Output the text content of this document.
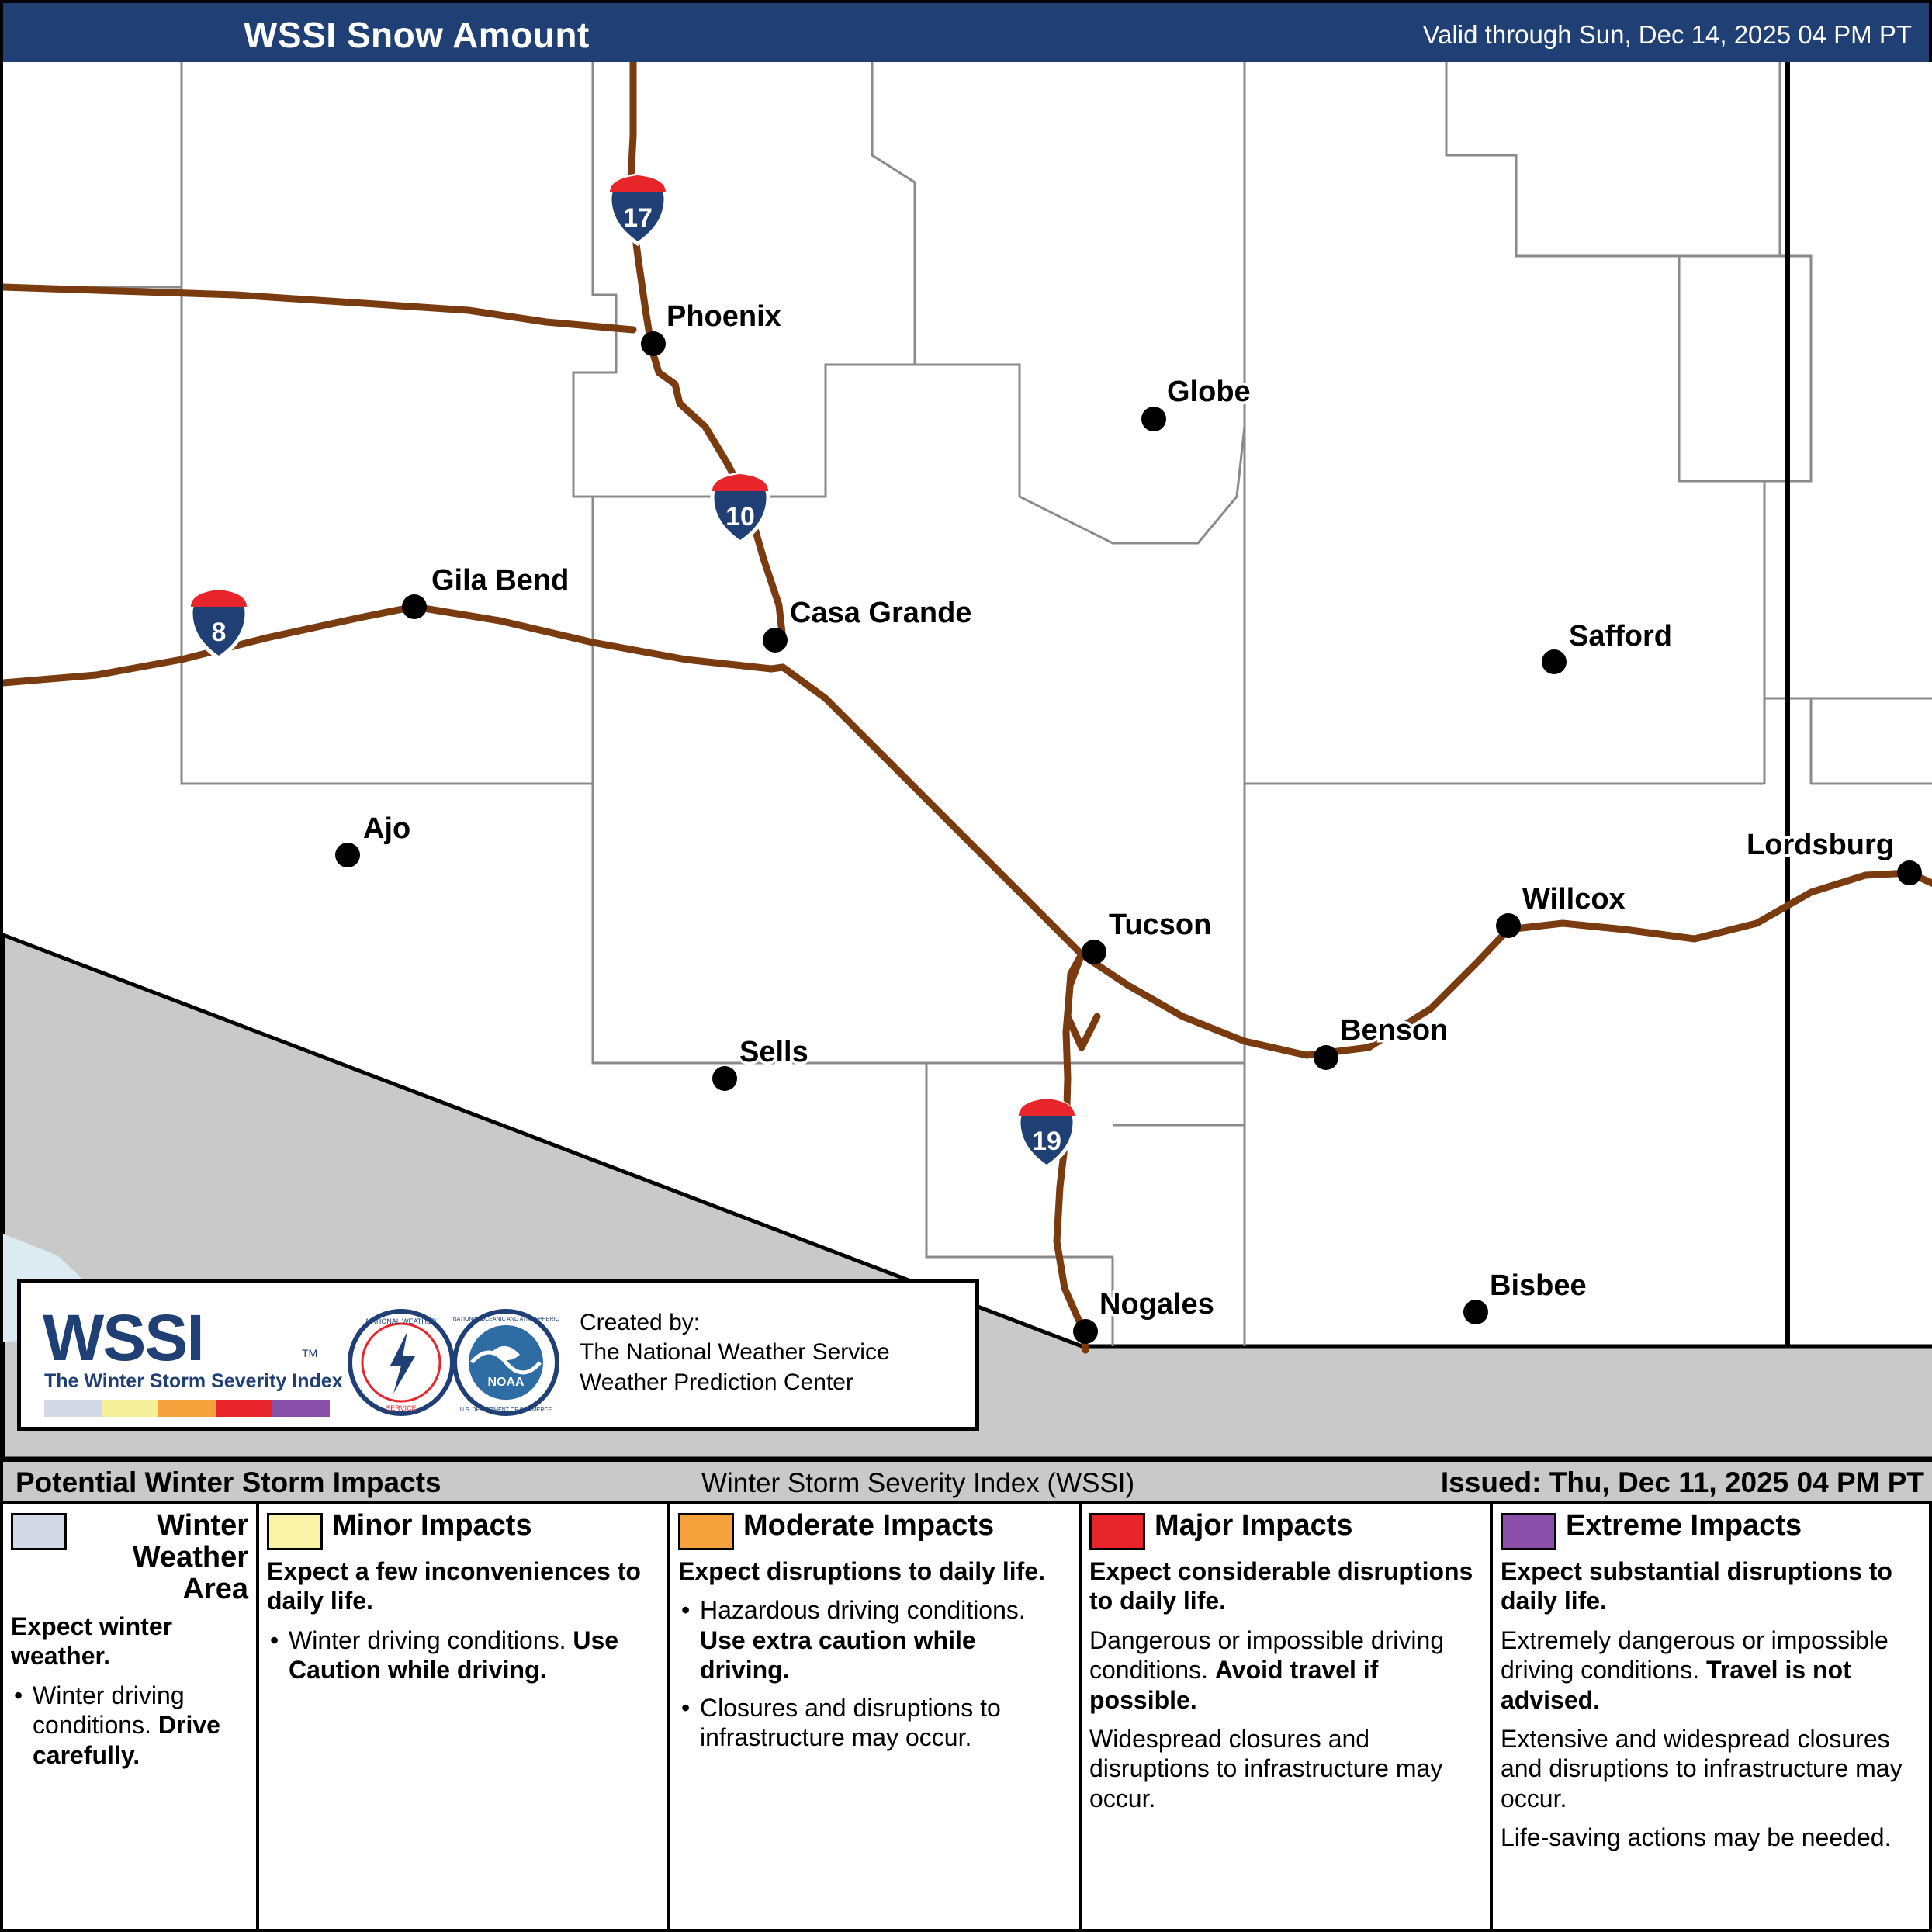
WSSI Snow Amount	Valid through Sun, Dec 14, 2025 04 PM PT
17
10
8
19
Phoenix
Globe
Gila Bend
Casa Grande
Safford
Ajo	Lordsburg
Tucson
Willcox
Benson
Sells
Bisbee
Nogales
WSSI	TM
The Winter Storm Severity Index
NATIONAL WEATHER
SERVICE
NOAA
NATIONAL OCEANIC AND ATMOSPHERIC
U.S. DEPARTMENT OF COMMERCE
Created by:
The National Weather Service
Weather Prediction Center
Potential Winter Storm Impacts	Winter Storm Severity Index (WSSI)	Issued: Thu, Dec 11, 2025 04 PM PT
Winter Weather Area

Expect winter weather.

• Winter driving conditions. Drive carefully.
Minor Impacts

Expect a few inconveniences to daily life.

• Winter driving conditions. Use Caution while driving.
Moderate Impacts

Expect disruptions to daily life.

• Hazardous driving conditions. Use extra caution while driving.
• Closures and disruptions to infrastructure may occur.
Major Impacts

Expect considerable disruptions to daily life.

Dangerous or impossible driving conditions. Avoid travel if possible.

Widespread closures and disruptions to infrastructure may occur.

Extreme Impacts

Expect substantial disruptions to daily life.

Extremely dangerous or impossible driving conditions. Travel is not advised.

Extensive and widespread closures and disruptions to infrastructure may occur.

Life-saving actions may be needed.
